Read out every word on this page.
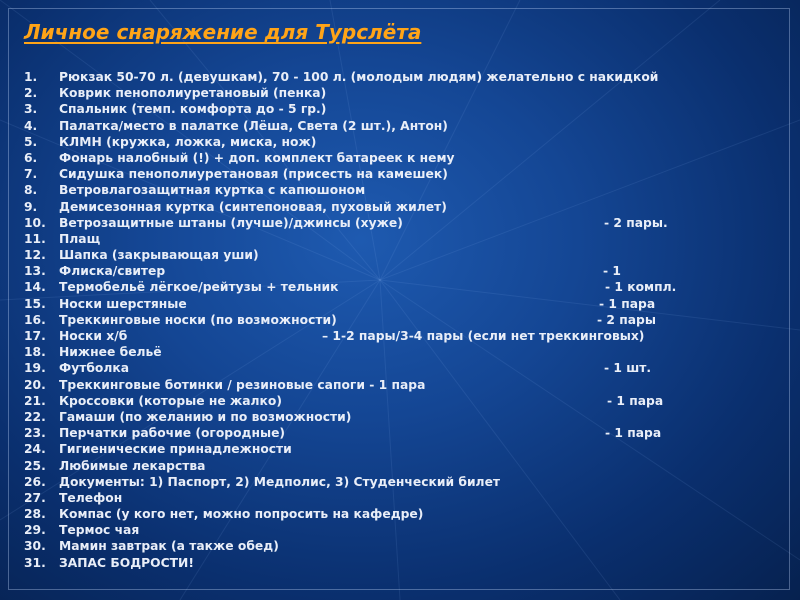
Личное снаряжение для Турслёта
1. Рюкзак 50-70 л. (девушкам), 70 - 100 л. (молодым людям) желательно с накидкой
2. Коврик пенополиуретановый (пенка)
3. Спальник (темп. комфорта до - 5 гр.)
4. Палатка/место в палатке (Лёша, Света (2 шт.), Антон)
5. КЛМН (кружка, ложка, миска, нож)
6. Фонарь налобный (!) + доп. комплект батареек к нему
7. Сидушка пенополиуретановая (присесть на камешек)
8. Ветровлагозащитная куртка с капюшоном
9. Демисезонная куртка (синтепоновая, пуховый жилет)
10. Ветрозащитные штаны (лучше)/джинсы (хуже)	- 2 пары.
11. Плащ
12. Шапка (закрывающая уши)
13. Флиска/свитер	- 1
14. Термобельё лёгкое/рейтузы + тельник	- 1 компл.
15. Носки шерстяные	- 1 пара
16. Треккинговые носки (по возможности)	- 2 пары
17. Носки х/б	– 1-2 пары/3-4 пары (если нет треккинговых)
18. Нижнее бельё
19. Футболка	- 1 шт.
20. Треккинговые ботинки / резиновые сапоги - 1 пара
21. Кроссовки (которые не жалко)	- 1 пара
22. Гамаши (по желанию и по возможности)
23. Перчатки рабочие (огородные)	- 1 пара
24. Гигиенические принадлежности
25. Любимые лекарства
26. Документы: 1) Паспорт, 2) Медполис, 3) Студенческий билет
27. Телефон
28. Компас (у кого нет, можно попросить на кафедре)
29. Термос чая
30. Мамин завтрак (а также обед)
31. ЗАПАС БОДРОСТИ!
